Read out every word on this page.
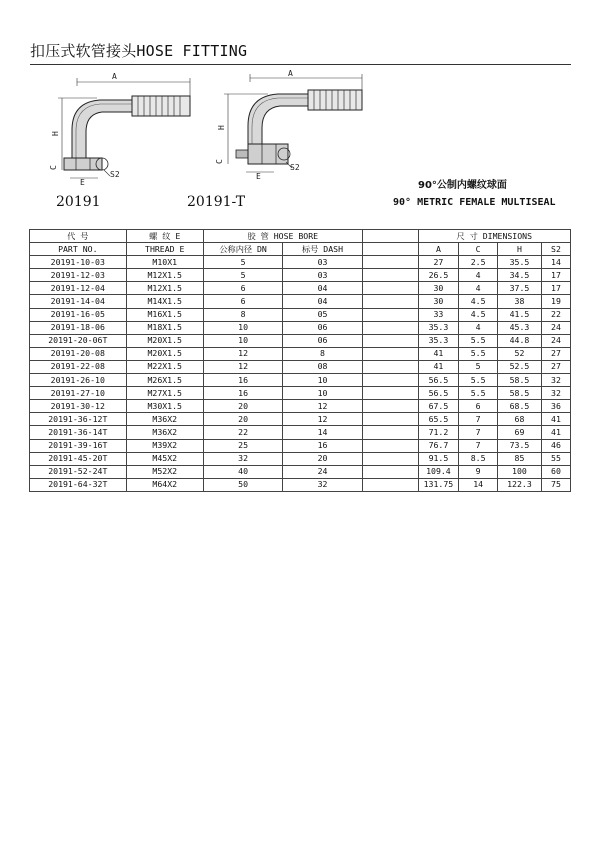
扣压式软管接头HOSE FITTING
A
H
C
E
S2
A
H
C
E
S2
20191	20191-T
90°公制内螺纹球面
90° METRIC FEMALE MULTISEAL
代 号	螺 纹 E	胶 管 HOSE BORE			尺 寸 DIMENSIONS			
PART NO.	THREAD E	公称内径 DN	标号 DASH		A	C	H	S2
20191-10-03	M10X1	5	03		27	2.5	35.5	14
20191-12-03	M12X1.5	5	03		26.5	4	34.5	17
20191-12-04	M12X1.5	6	04		30	4	37.5	17
20191-14-04	M14X1.5	6	04		30	4.5	38	19
20191-16-05	M16X1.5	8	05		33	4.5	41.5	22
20191-18-06	M18X1.5	10	06		35.3	4	45.3	24
20191-20-06T	M20X1.5	10	06		35.3	5.5	44.8	24
20191-20-08	M20X1.5	12	8		41	5.5	52	27
20191-22-08	M22X1.5	12	08		41	5	52.5	27
20191-26-10	M26X1.5	16	10		56.5	5.5	58.5	32
20191-27-10	M27X1.5	16	10		56.5	5.5	58.5	32
20191-30-12	M30X1.5	20	12		67.5	6	68.5	36
20191-36-12T	M36X2	20	12		65.5	7	68	41
20191-36-14T	M36X2	22	14		71.2	7	69	41
20191-39-16T	M39X2	25	16		76.7	7	73.5	46
20191-45-20T	M45X2	32	20		91.5	8.5	85	55
20191-52-24T	M52X2	40	24		109.4	9	100	60
20191-64-32T	M64X2	50	32		131.75	14	122.3	75
